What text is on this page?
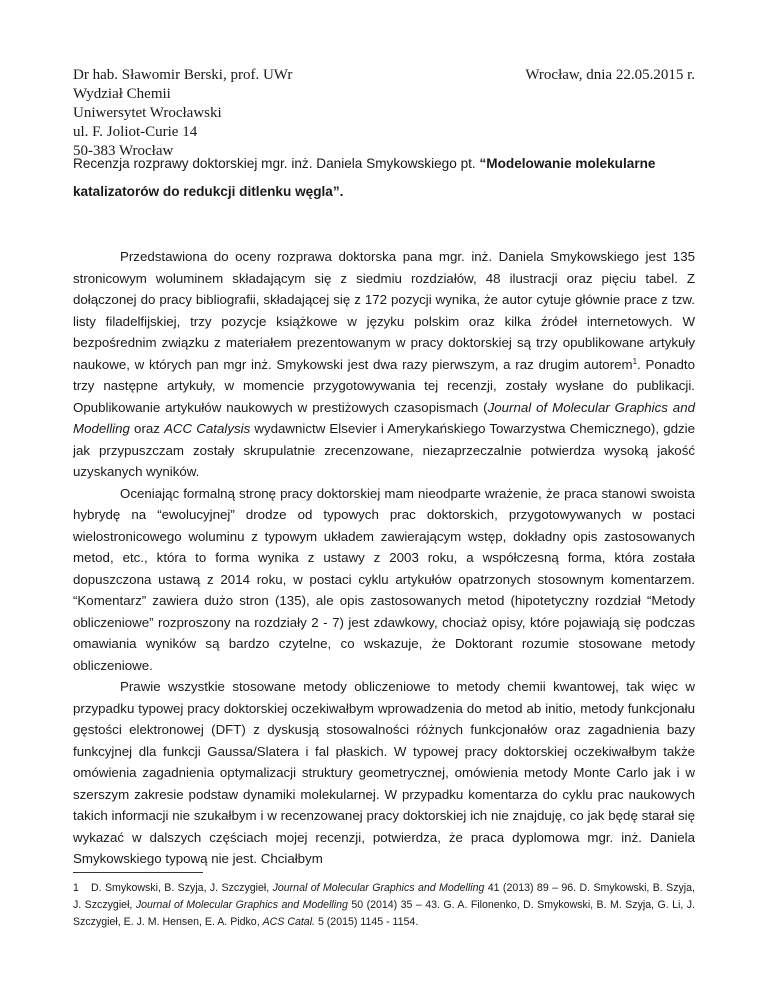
Dr hab. Sławomir Berski, prof. UWr
Wydział Chemii
Uniwersytet Wrocławski
ul. F. Joliot-Curie 14
50-383 Wrocław
Wrocław, dnia 22.05.2015 r.
Recenzja rozprawy doktorskiej mgr. inż. Daniela Smykowskiego pt. “Modelowanie molekularne katalizatorów do redukcji ditlenku węgla”.

Przedstawiona do oceny rozprawa doktorska pana mgr. inż. Daniela Smykowskiego jest 135 stronicowym woluminem składającym się z siedmiu rozdziałów, 48 ilustracji oraz pięciu tabel. Z dołączonej do pracy bibliografii, składającej się z 172 pozycji wynika, że autor cytuje głównie prace z tzw. listy filadelfijskiej, trzy pozycje książkowe w języku polskim oraz kilka źródeł internetowych. W bezpośrednim związku z materiałem prezentowanym w pracy doktorskiej są trzy opublikowane artykuły naukowe, w których pan mgr inż. Smykowski jest dwa razy pierwszym, a raz drugim autorem$^1$. Ponadto trzy następne artykuły, w momencie przygotowywania tej recenzji, zostały wysłane do publikacji. Opublikowanie artykułów naukowych w prestiżowych czasopismach (Journal of Molecular Graphics and Modelling oraz ACC Catalysis wydawnictw Elsevier i Amerykańskiego Towarzystwa Chemicznego), gdzie jak przypuszczam zostały skrupulatnie zrecenzowane, niezaprzeczalnie potwierdza wysoką jakość uzyskanych wyników.

Oceniając formalną stronę pracy doktorskiej mam nieodparte wrażenie, że praca stanowi swoista hybrydę na “ewolucyjnej” drodze od typowych prac doktorskich, przygotowywanych w postaci wielostronicowego woluminu z typowym układem zawierającym wstęp, dokładny opis zastosowanych metod, etc., która to forma wynika z ustawy z 2003 roku, a współczesną forma, która została dopuszczona ustawą z 2014 roku, w postaci cyklu artykułów opatrzonych stosownym komentarzem. “Komentarz” zawiera dużo stron (135), ale opis zastosowanych metod (hipotetyczny rozdział “Metody obliczeniowe” rozproszony na rozdziały 2 - 7) jest zdawkowy, chociaż opisy, które pojawiają się podczas omawiania wyników są bardzo czytelne, co wskazuje, że Doktorant rozumie stosowane metody obliczeniowe.

Prawie wszystkie stosowane metody obliczeniowe to metody chemii kwantowej, tak więc w przypadku typowej pracy doktorskiej oczekiwałbym wprowadzenia do metod ab initio, metody funkcjonału gęstości elektronowej (DFT) z dyskusją stosowalności różnych funkcjonałów oraz zagadnienia bazy funkcyjnej dla funkcji Gaussa/Slatera i fal płaskich. W typowej pracy doktorskiej oczekiwałbym także omówienia zagadnienia optymalizacji struktury geometrycznej, omówienia metody Monte Carlo jak i w szerszym zakresie podstaw dynamiki molekularnej. W przypadku komentarza do cyklu prac naukowych takich informacji nie szukałbym i w recenzowanej pracy doktorskiej ich nie znajduję, co jak będę starał się wykazać w dalszych częściach mojej recenzji, potwierdza, że praca dyplomowa mgr. inż. Daniela Smykowskiego typową nie jest. Chciałbym

1 D. Smykowski, B. Szyja, J. Szczygieł, Journal of Molecular Graphics and Modelling 41 (2013) 89 – 96. D. Smykowski, B. Szyja, J. Szczygieł, Journal of Molecular Graphics and Modelling 50 (2014) 35 – 43. G. A. Filonenko, D. Smykowski, B. M. Szyja, G. Li, J. Szczygieł, E. J. M. Hensen, E. A. Pidko, ACS Catal. 5 (2015) 1145 - 1154.
